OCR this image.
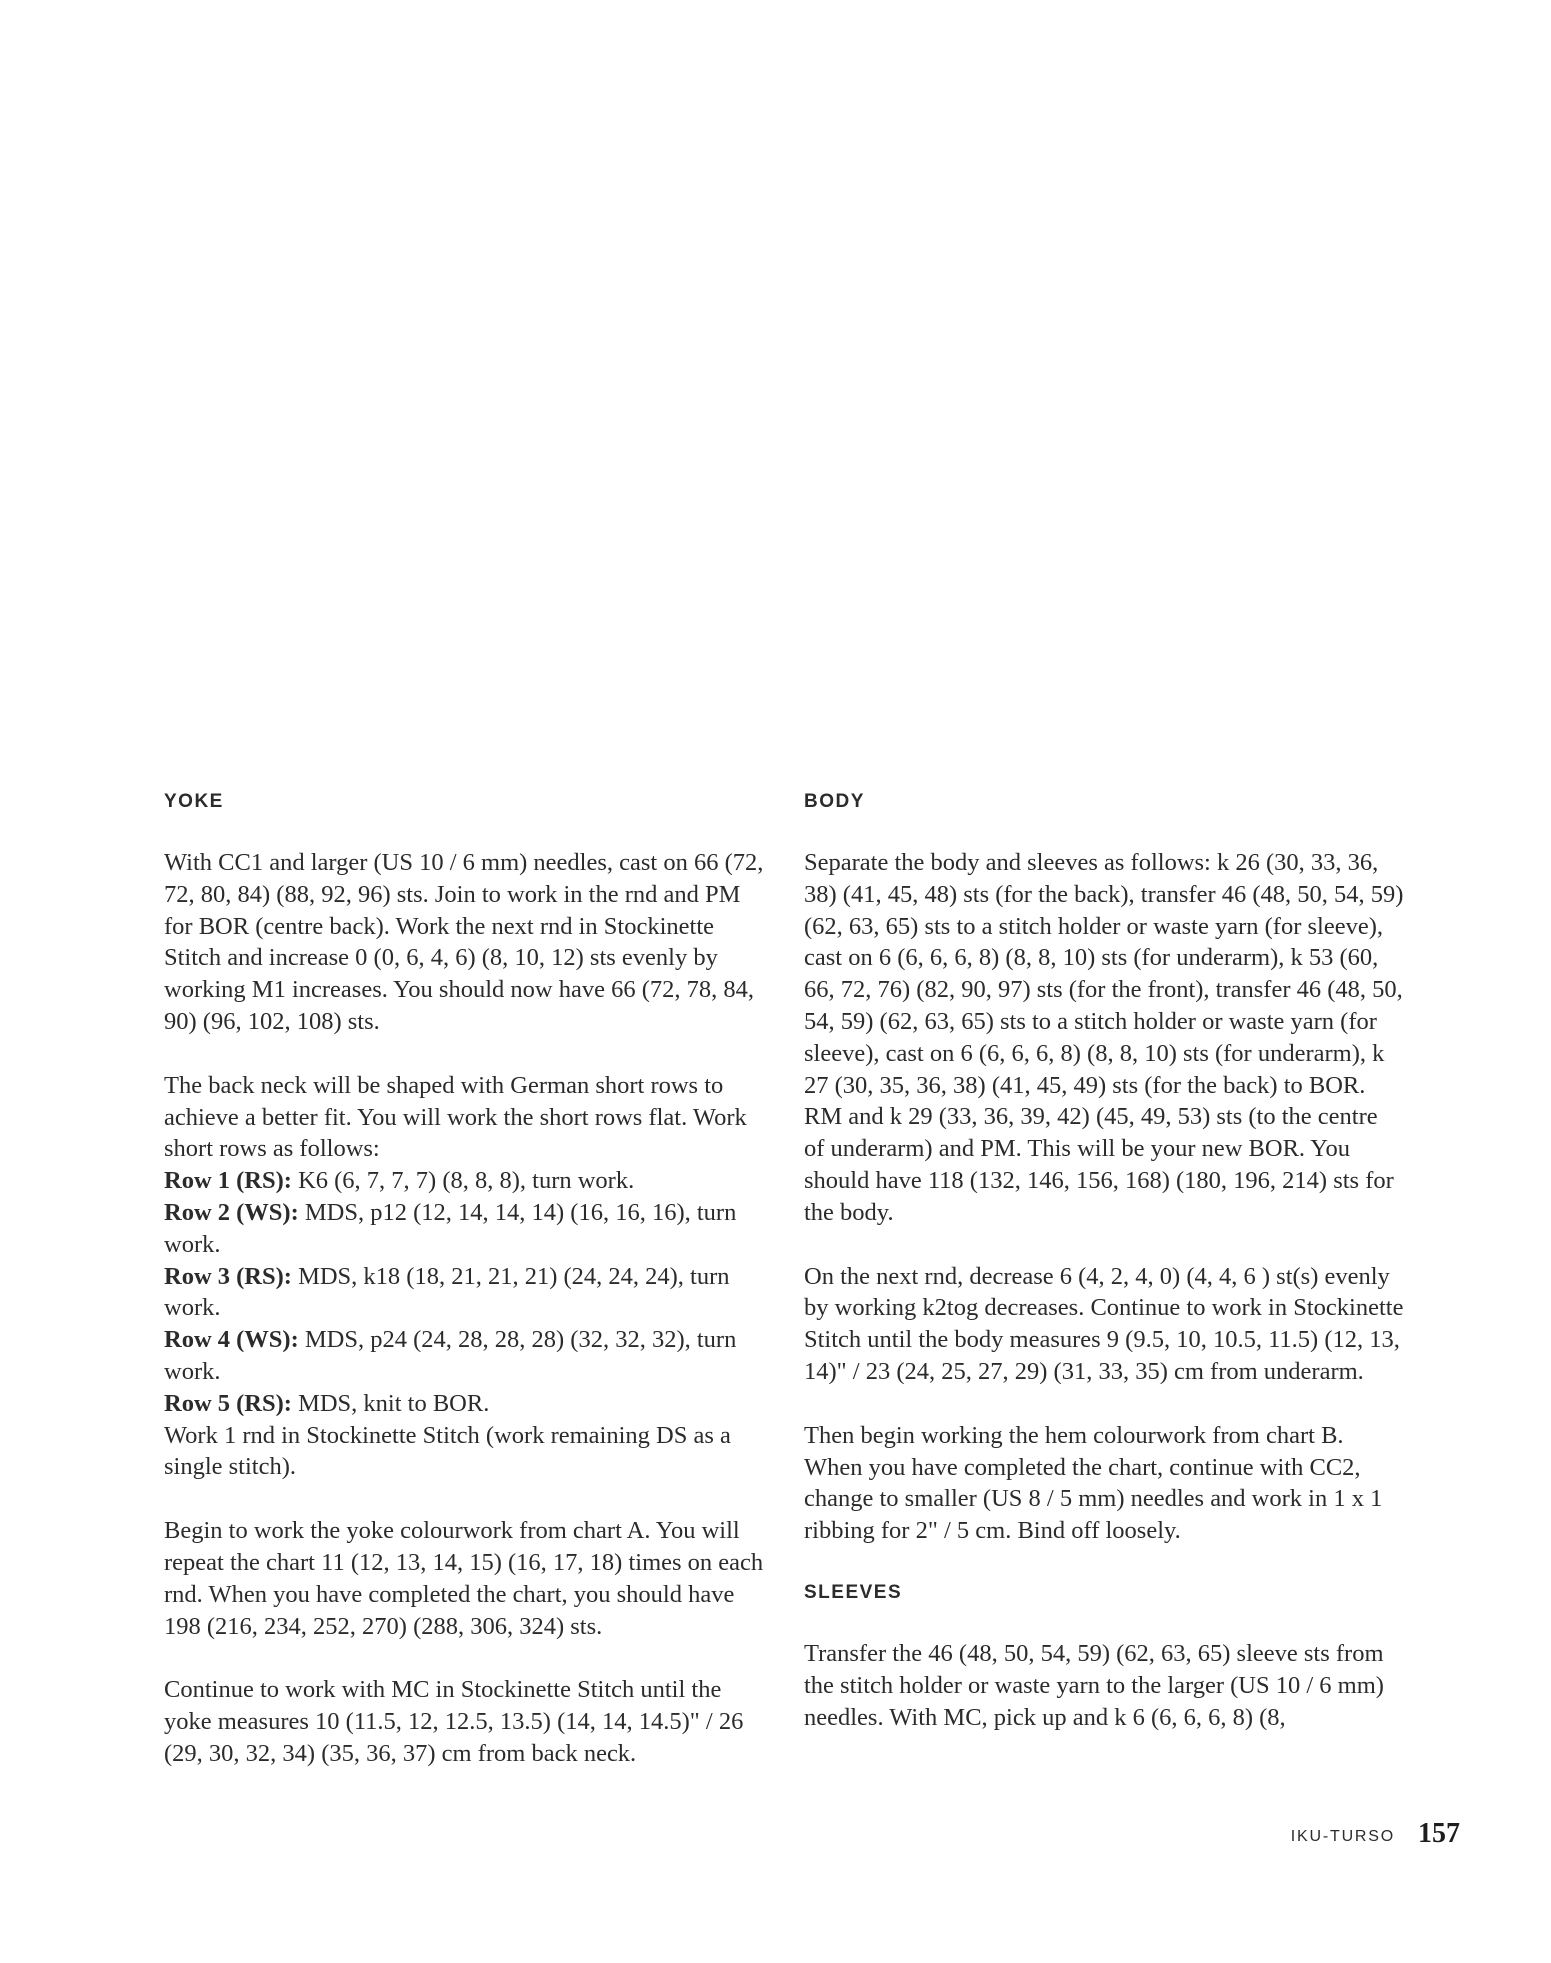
YOKE

With CC1 and larger (US 10 / 6 mm) needles, cast on 66 (72, 72, 80, 84) (88, 92, 96) sts. Join to work in the rnd and PM for BOR (centre back). Work the next rnd in Stockinette Stitch and increase 0 (0, 6, 4, 6) (8, 10, 12) sts evenly by working M1 increases. You should now have 66 (72, 78, 84, 90) (96, 102, 108) sts.

The back neck will be shaped with German short rows to achieve a better fit. You will work the short rows flat. Work short rows as follows:
Row 1 (RS): K6 (6, 7, 7, 7) (8, 8, 8), turn work.
Row 2 (WS): MDS, p12 (12, 14, 14, 14) (16, 16, 16), turn work.
Row 3 (RS): MDS, k18 (18, 21, 21, 21) (24, 24, 24), turn work.
Row 4 (WS): MDS, p24 (24, 28, 28, 28) (32, 32, 32), turn work.
Row 5 (RS): MDS, knit to BOR.
Work 1 rnd in Stockinette Stitch (work remaining DS as a single stitch).

Begin to work the yoke colourwork from chart A. You will repeat the chart 11 (12, 13, 14, 15) (16, 17, 18) times on each rnd. When you have completed the chart, you should have 198 (216, 234, 252, 270) (288, 306, 324) sts.

Continue to work with MC in Stockinette Stitch until the yoke measures 10 (11.5, 12, 12.5, 13.5) (14, 14, 14.5)" / 26 (29, 30, 32, 34) (35, 36, 37) cm from back neck.

BODY

Separate the body and sleeves as follows: k 26 (30, 33, 36, 38) (41, 45, 48) sts (for the back), transfer 46 (48, 50, 54, 59) (62, 63, 65) sts to a stitch holder or waste yarn (for sleeve), cast on 6 (6, 6, 6, 8) (8, 8, 10) sts (for underarm), k 53 (60, 66, 72, 76) (82, 90, 97) sts (for the front), transfer 46 (48, 50, 54, 59) (62, 63, 65) sts to a stitch holder or waste yarn (for sleeve), cast on 6 (6, 6, 6, 8) (8, 8, 10) sts (for underarm), k 27 (30, 35, 36, 38) (41, 45, 49) sts (for the back) to BOR. RM and k 29 (33, 36, 39, 42) (45, 49, 53) sts (to the centre of underarm) and PM. This will be your new BOR. You should have 118 (132, 146, 156, 168) (180, 196, 214) sts for the body.

On the next rnd, decrease 6 (4, 2, 4, 0) (4, 4, 6 ) st(s) evenly by working k2tog decreases. Continue to work in Stockinette Stitch until the body measures 9 (9.5, 10, 10.5, 11.5) (12, 13, 14)" / 23 (24, 25, 27, 29) (31, 33, 35) cm from underarm.

Then begin working the hem colourwork from chart B. When you have completed the chart, continue with CC2, change to smaller (US 8 / 5 mm) needles and work in 1 x 1 ribbing for 2" / 5 cm. Bind off loosely.

SLEEVES

Transfer the 46 (48, 50, 54, 59) (62, 63, 65) sleeve sts from the stitch holder or waste yarn to the larger (US 10 / 6 mm) needles. With MC, pick up and k 6 (6, 6, 6, 8) (8,

IKU-TURSO 157
